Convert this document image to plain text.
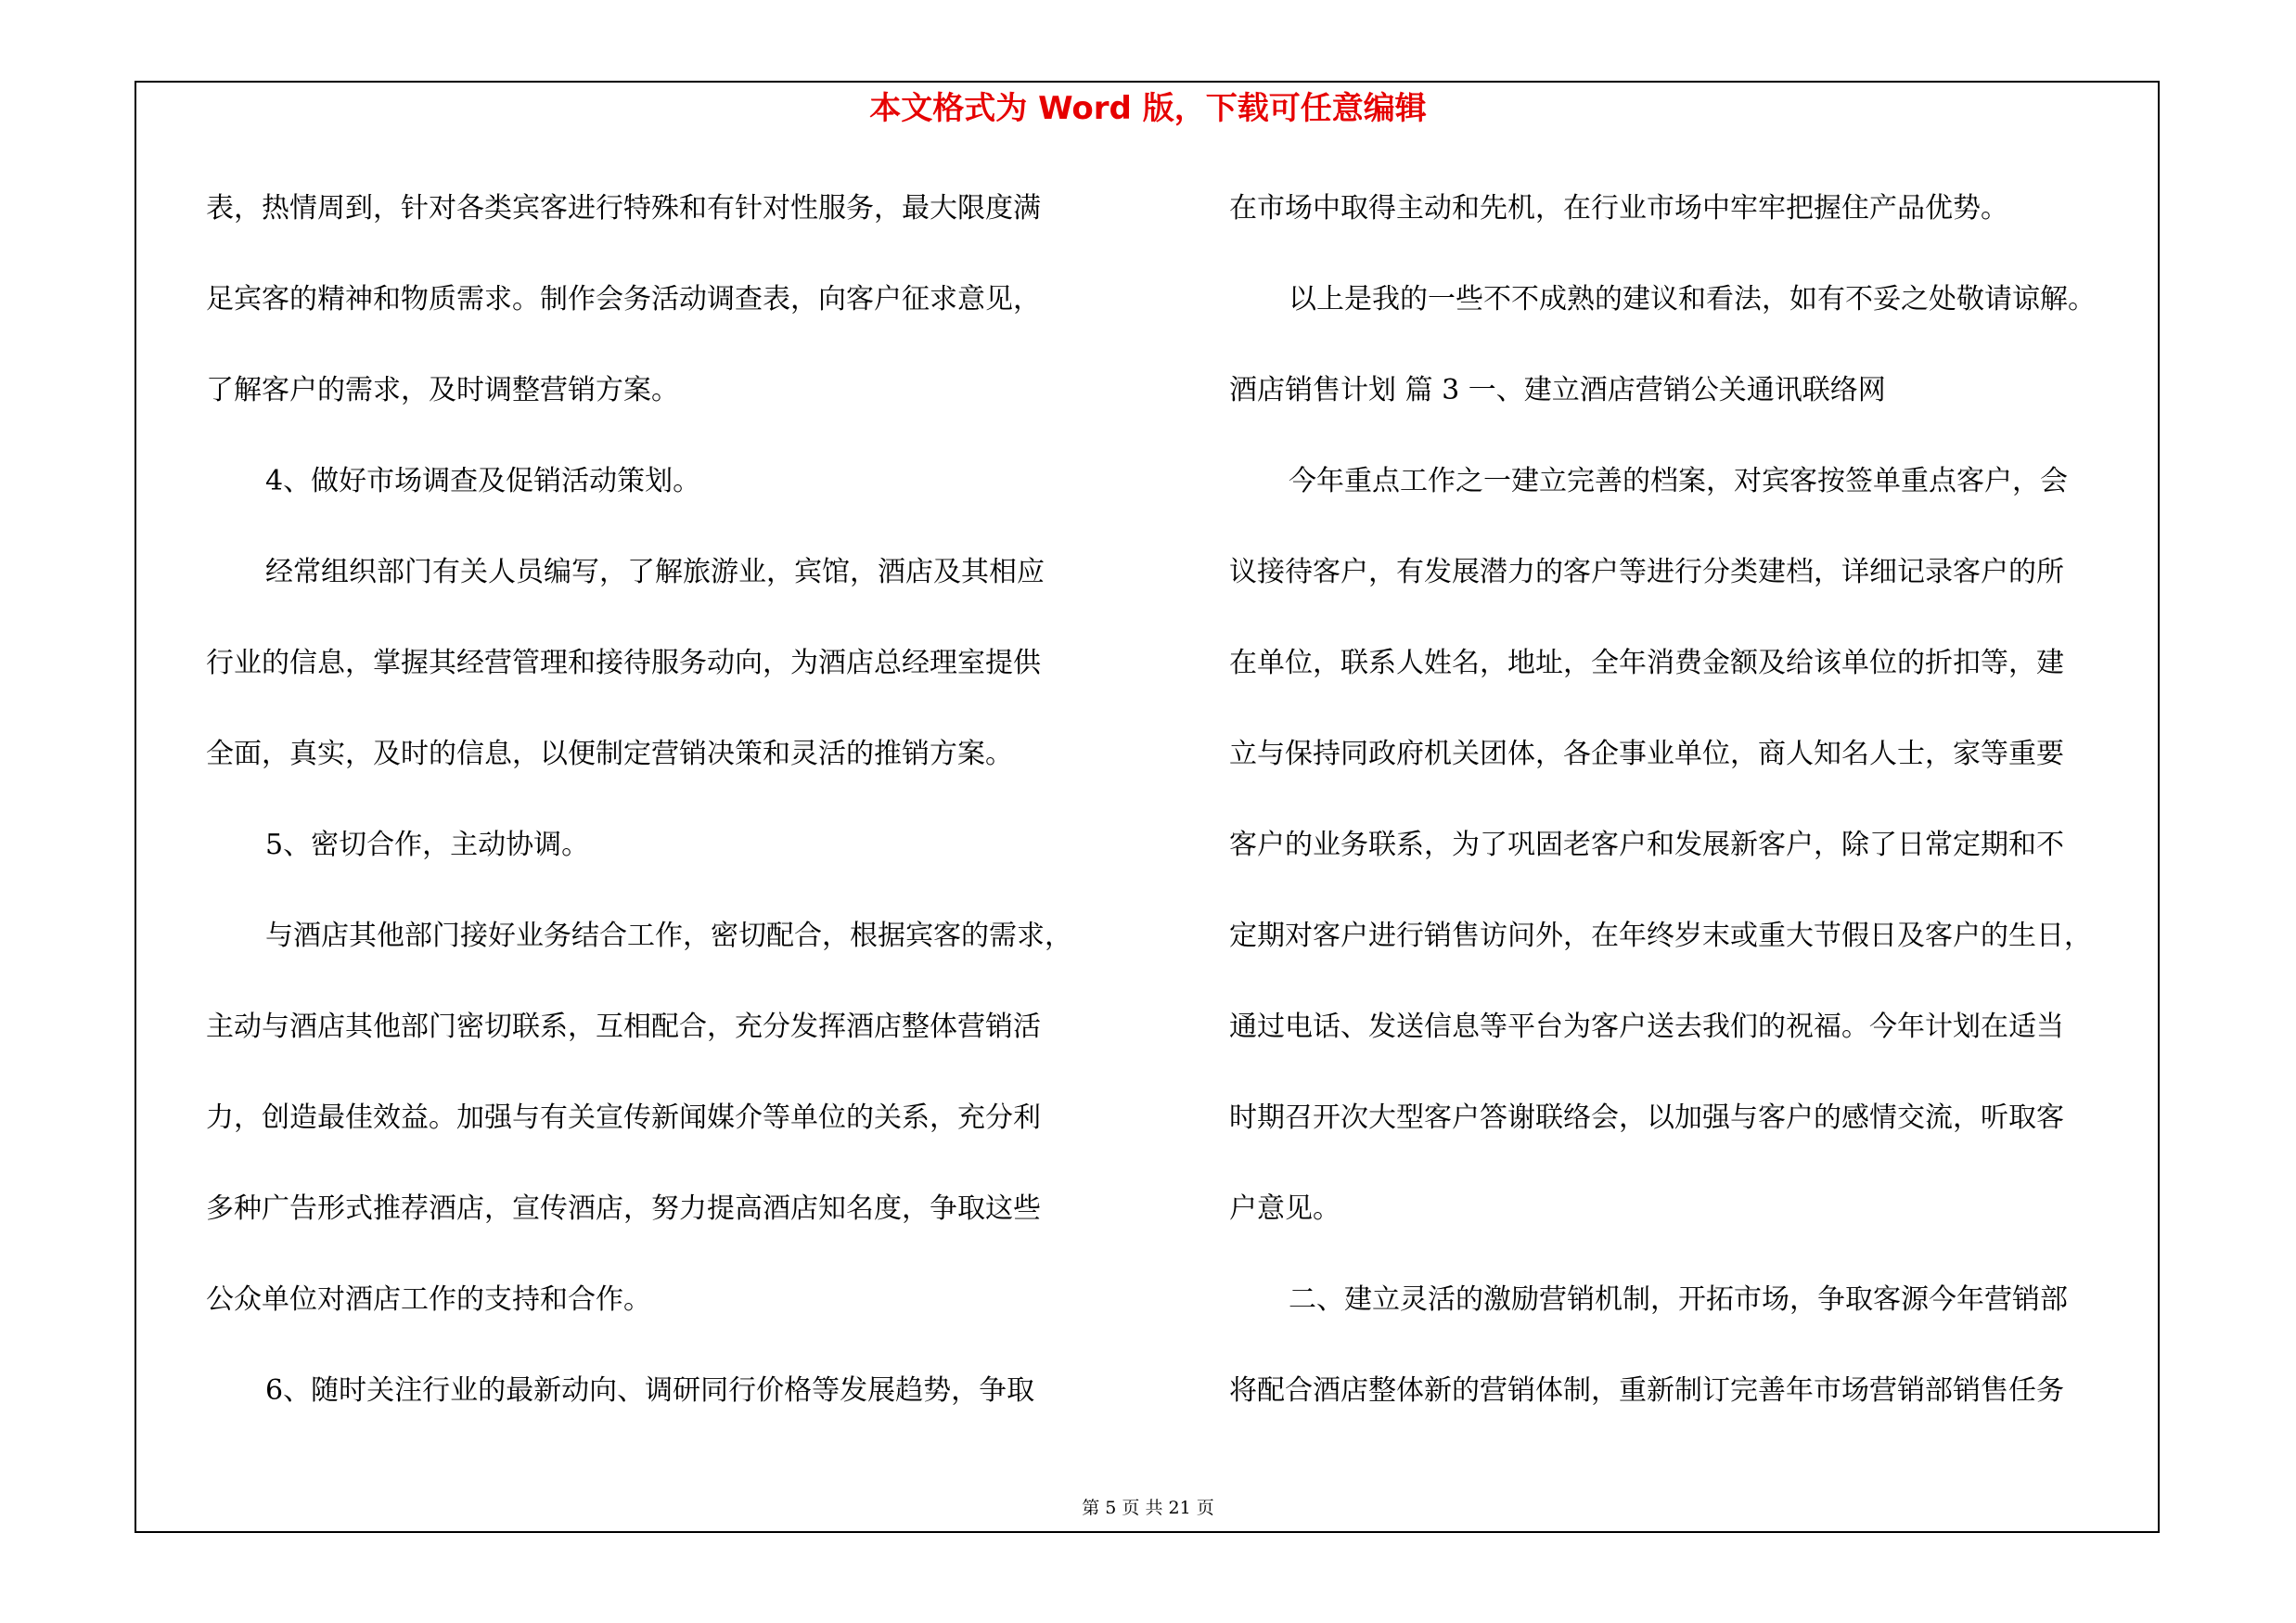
本文格式为 Word 版，下载可任意编辑
表，热情周到，针对各类宾客进行特殊和有针对性服务，最大限度满
足宾客的精神和物质需求。制作会务活动调查表，向客户征求意见，
了解客户的需求，及时调整营销方案。
4、做好市场调查及促销活动策划。
经常组织部门有关人员编写，了解旅游业，宾馆，酒店及其相应
行业的信息，掌握其经营管理和接待服务动向，为酒店总经理室提供
全面，真实，及时的信息，以便制定营销决策和灵活的推销方案。
5、密切合作，主动协调。
与酒店其他部门接好业务结合工作，密切配合，根据宾客的需求，
主动与酒店其他部门密切联系，互相配合，充分发挥酒店整体营销活
力，创造最佳效益。加强与有关宣传新闻媒介等单位的关系，充分利
多种广告形式推荐酒店，宣传酒店，努力提高酒店知名度，争取这些
公众单位对酒店工作的支持和合作。
6、随时关注行业的最新动向、调研同行价格等发展趋势，争取
在市场中取得主动和先机，在行业市场中牢牢把握住产品优势。
以上是我的一些不不成熟的建议和看法，如有不妥之处敬请谅解。
酒店销售计划 篇 3 一、建立酒店营销公关通讯联络网
今年重点工作之一建立完善的档案，对宾客按签单重点客户，会
议接待客户，有发展潜力的客户等进行分类建档，详细记录客户的所
在单位，联系人姓名，地址，全年消费金额及给该单位的折扣等，建
立与保持同政府机关团体，各企事业单位，商人知名人士，家等重要
客户的业务联系，为了巩固老客户和发展新客户，除了日常定期和不
定期对客户进行销售访问外，在年终岁末或重大节假日及客户的生日，
通过电话、发送信息等平台为客户送去我们的祝福。今年计划在适当
时期召开次大型客户答谢联络会，以加强与客户的感情交流，听取客
户意见。
二、建立灵活的激励营销机制，开拓市场，争取客源今年营销部
将配合酒店整体新的营销体制，重新制订完善年市场营销部销售任务
第 5 页 共 21 页
